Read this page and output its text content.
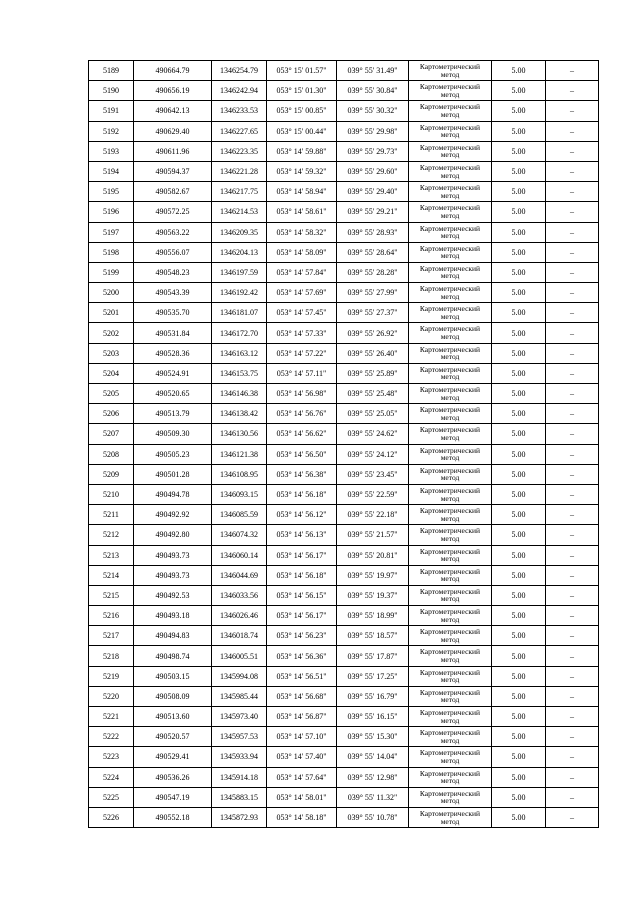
5189	490664.79	1346254.79	053° 15' 01.57"	039° 55' 31.49"	Картометрический
метод	5.00	–
5190	490656.19	1346242.94	053° 15' 01.30"	039° 55' 30.84"	Картометрический
метод	5.00	–
5191	490642.13	1346233.53	053° 15' 00.85"	039° 55' 30.32"	Картометрический
метод	5.00	–
5192	490629.40	1346227.65	053° 15' 00.44"	039° 55' 29.98"	Картометрический
метод	5.00	–
5193	490611.96	1346223.35	053° 14' 59.88"	039° 55' 29.73"	Картометрический
метод	5.00	–
5194	490594.37	1346221.28	053° 14' 59.32"	039° 55' 29.60"	Картометрический
метод	5.00	–
5195	490582.67	1346217.75	053° 14' 58.94"	039° 55' 29.40"	Картометрический
метод	5.00	–
5196	490572.25	1346214.53	053° 14' 58.61"	039° 55' 29.21"	Картометрический
метод	5.00	–
5197	490563.22	1346209.35	053° 14' 58.32"	039° 55' 28.93"	Картометрический
метод	5.00	–
5198	490556.07	1346204.13	053° 14' 58.09"	039° 55' 28.64"	Картометрический
метод	5.00	–
5199	490548.23	1346197.59	053° 14' 57.84"	039° 55' 28.28"	Картометрический
метод	5.00	–
5200	490543.39	1346192.42	053° 14' 57.69"	039° 55' 27.99"	Картометрический
метод	5.00	–
5201	490535.70	1346181.07	053° 14' 57.45"	039° 55' 27.37"	Картометрический
метод	5.00	–
5202	490531.84	1346172.70	053° 14' 57.33"	039° 55' 26.92"	Картометрический
метод	5.00	–
5203	490528.36	1346163.12	053° 14' 57.22"	039° 55' 26.40"	Картометрический
метод	5.00	–
5204	490524.91	1346153.75	053° 14' 57.11"	039° 55' 25.89"	Картометрический
метод	5.00	–
5205	490520.65	1346146.38	053° 14' 56.98"	039° 55' 25.48"	Картометрический
метод	5.00	–
5206	490513.79	1346138.42	053° 14' 56.76"	039° 55' 25.05"	Картометрический
метод	5.00	–
5207	490509.30	1346130.56	053° 14' 56.62"	039° 55' 24.62"	Картометрический
метод	5.00	–
5208	490505.23	1346121.38	053° 14' 56.50"	039° 55' 24.12"	Картометрический
метод	5.00	–
5209	490501.28	1346108.95	053° 14' 56.38"	039° 55' 23.45"	Картометрический
метод	5.00	–
5210	490494.78	1346093.15	053° 14' 56.18"	039° 55' 22.59"	Картометрический
метод	5.00	–
5211	490492.92	1346085.59	053° 14' 56.12"	039° 55' 22.18"	Картометрический
метод	5.00	–
5212	490492.80	1346074.32	053° 14' 56.13"	039° 55' 21.57"	Картометрический
метод	5.00	–
5213	490493.73	1346060.14	053° 14' 56.17"	039° 55' 20.81"	Картометрический
метод	5.00	–
5214	490493.73	1346044.69	053° 14' 56.18"	039° 55' 19.97"	Картометрический
метод	5.00	–
5215	490492.53	1346033.56	053° 14' 56.15"	039° 55' 19.37"	Картометрический
метод	5.00	–
5216	490493.18	1346026.46	053° 14' 56.17"	039° 55' 18.99"	Картометрический
метод	5.00	–
5217	490494.83	1346018.74	053° 14' 56.23"	039° 55' 18.57"	Картометрический
метод	5.00	–
5218	490498.74	1346005.51	053° 14' 56.36"	039° 55' 17.87"	Картометрический
метод	5.00	–
5219	490503.15	1345994.08	053° 14' 56.51"	039° 55' 17.25"	Картометрический
метод	5.00	–
5220	490508.09	1345985.44	053° 14' 56.68"	039° 55' 16.79"	Картометрический
метод	5.00	–
5221	490513.60	1345973.40	053° 14' 56.87"	039° 55' 16.15"	Картометрический
метод	5.00	–
5222	490520.57	1345957.53	053° 14' 57.10"	039° 55' 15.30"	Картометрический
метод	5.00	–
5223	490529.41	1345933.94	053° 14' 57.40"	039° 55' 14.04"	Картометрический
метод	5.00	–
5224	490536.26	1345914.18	053° 14' 57.64"	039° 55' 12.98"	Картометрический
метод	5.00	–
5225	490547.19	1345883.15	053° 14' 58.01"	039° 55' 11.32"	Картометрический
метод	5.00	–
5226	490552.18	1345872.93	053° 14' 58.18"	039° 55' 10.78"	Картометрический
метод	5.00	–
